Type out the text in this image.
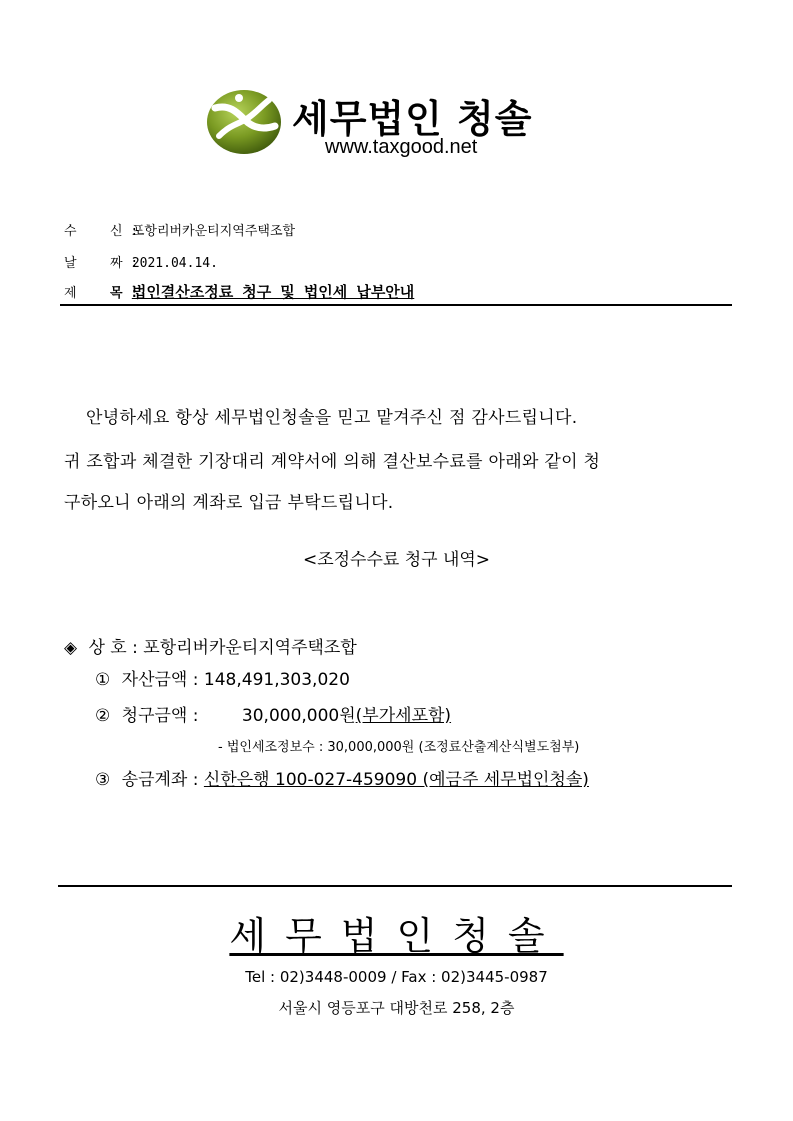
세무법인 청솔
www.taxgood.net
수	신 : 포항리버카운티지역주택조합
날	짜 : 2021.04.14.
제	목 : 법인결산조정료 청구 및 법인세 납부안내
안녕하세요 항상 세무법인청솔을 믿고 맡겨주신 점 감사드립니다.
귀 조합과 체결한 기장대리 계약서에 의해 결산보수료를 아래와 같이 청
구하오니 아래의 계좌로 입금 부탁드립니다.
<조정수수료 청구 내역>
◈ 상 호 : 포항리버카운티지역주택조합
① 자산금액 : 148,491,303,020
② 청구금액 :	30,000,000원(부가세포함)
- 법인세조정보수 : 30,000,000원 (조정료산출계산식별도첨부)
③ 송금계좌 : 신한은행 100-027-459090 (예금주 세무법인청솔)
세무법인청솔
Tel : 02)3448-0009 / Fax : 02)3445-0987
서울시 영등포구 대방천로 258, 2층
